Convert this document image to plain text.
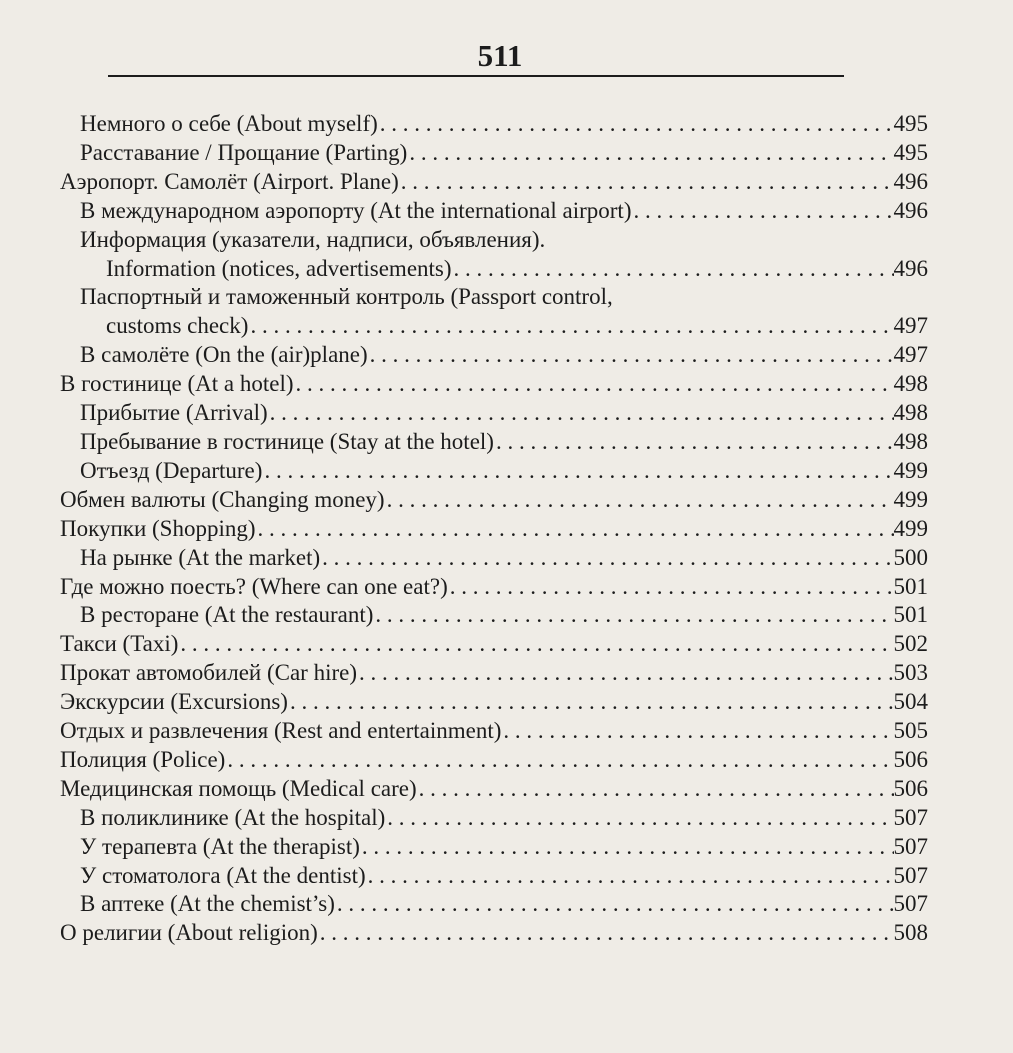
511
Немного о себе (About myself) . . .	495
Расставание / Прощание (Parting) . . .	495
Аэропорт. Самолёт (Airport. Plane) . . .	496
В международном аэропорту (At the international airport) . . .	496
Информация (указатели, надписи, объявления).
Information (notices, advertisements) . . .	496
Паспортный и таможенный контроль (Passport control,
customs check) . . .	497
В самолёте (On the (air)plane) . . .	497
В гостинице (At a hotel) . . .	498
Прибытие (Arrival) . . .	498
Пребывание в гостинице (Stay at the hotel) . . .	498
Отъезд (Departure) . . .	499
Обмен валюты (Changing money) . . .	499
Покупки (Shopping) . . .	499
На рынке (At the market) . . .	500
Где можно поесть? (Where can one eat?) . . .	501
В ресторане (At the restaurant) . . .	501
Такси (Taxi) . . .	502
Прокат автомобилей (Car hire) . . .	503
Экскурсии (Excursions) . . .	504
Отдых и развлечения (Rest and entertainment) . . .	505
Полиция (Police) . . .	506
Медицинская помощь (Medical care) . . .	506
В поликлинике (At the hospital) . . .	507
У терапевта (At the therapist) . . .	507
У стоматолога (At the dentist) . . .	507
В аптеке (At the chemist’s) . . .	507
О религии (About religion) . . .	508
